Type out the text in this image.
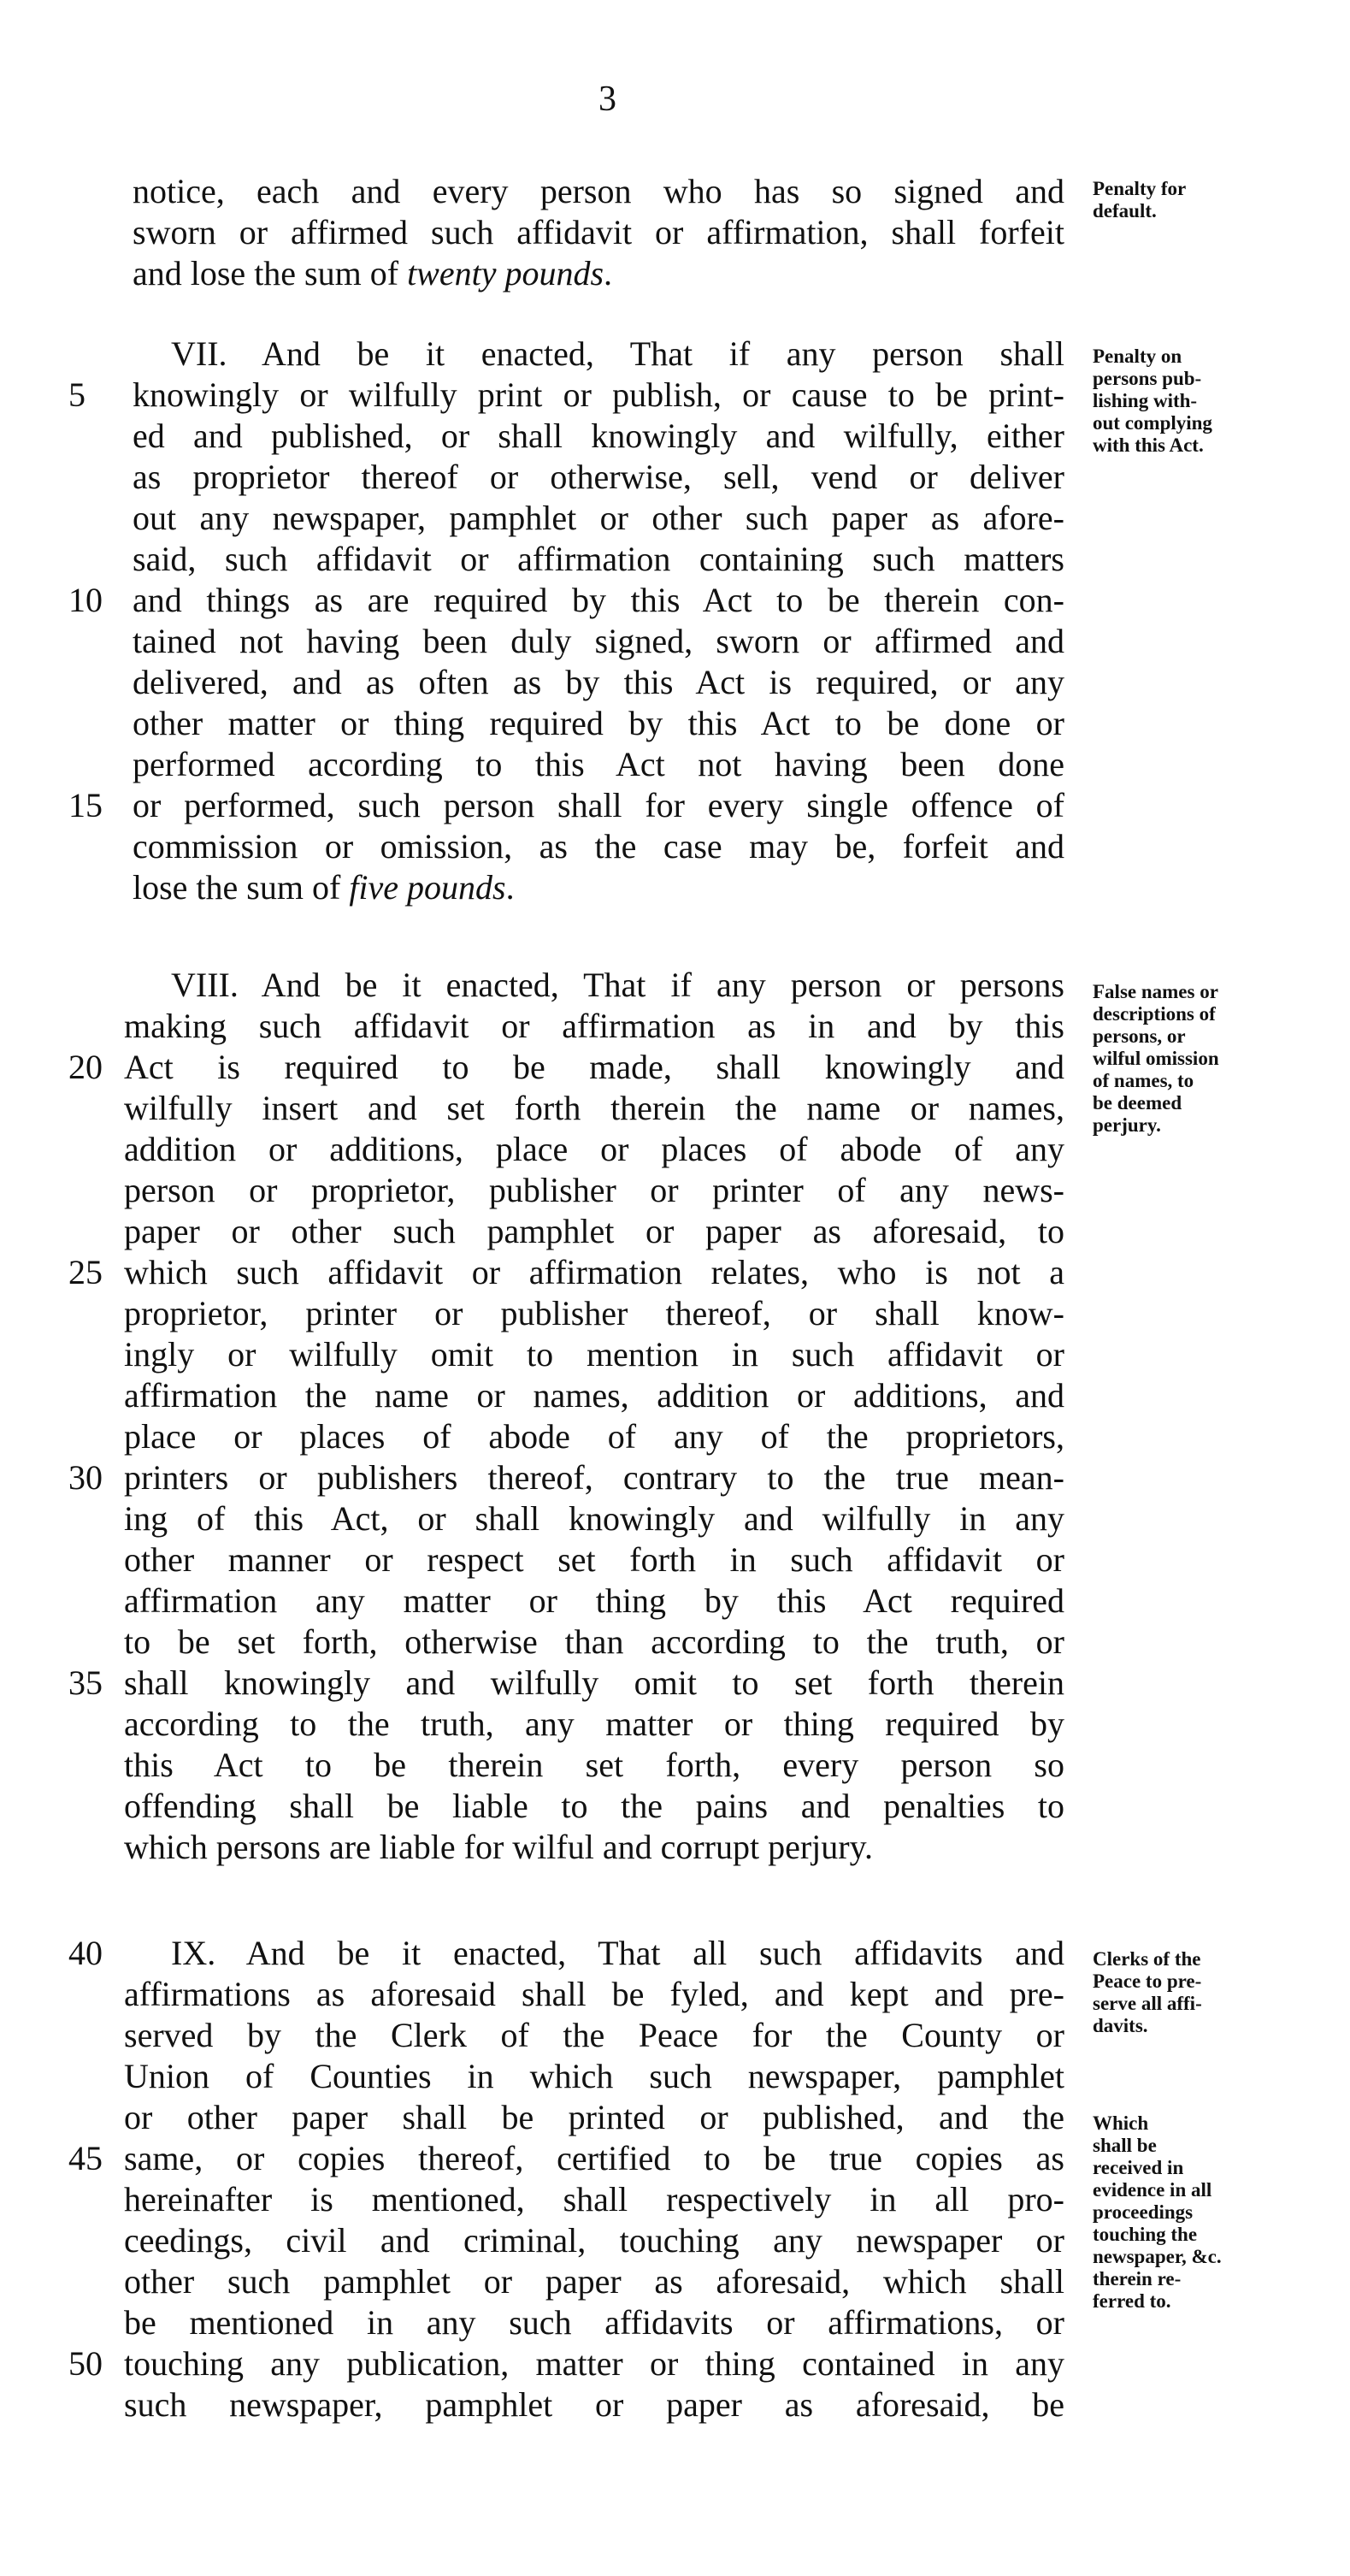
3
notice, each and every person who has so signed and
sworn or affirmed such affidavit or affirmation, shall forfeit
and lose the sum of twenty pounds.
VII. And be it enacted, That if any person shall
5	knowingly or wilfully print or publish, or cause to be print-
ed and published, or shall knowingly and wilfully, either
as proprietor thereof or otherwise, sell, vend or deliver
out any newspaper, pamphlet or other such paper as afore-
said, such affidavit or affirmation containing such matters
10 and things as are required by this Act to be therein con-
tained not having been duly signed, sworn or affirmed and
delivered, and as often as by this Act is required, or any
other matter or thing required by this Act to be done or
performed according to this Act not having been done
15 or performed, such person shall for every single offence of
commission or omission, as the case may be, forfeit and
lose the sum of five pounds.
VIII. And be it enacted, That if any person or persons
making such affidavit or affirmation as in and by this
20 Act is required to be made, shall knowingly and
wilfully insert and set forth therein the name or names,
addition or additions, place or places of abode of any
person or proprietor, publisher or printer of any news-
paper or other such pamphlet or paper as aforesaid, to
25 which such affidavit or affirmation relates, who is not a
proprietor, printer or publisher thereof, or shall know-
ingly or wilfully omit to mention in such affidavit or
affirmation the name or names, addition or additions, and
place or places of abode of any of the proprietors,
30 printers or publishers thereof, contrary to the true mean-
ing of this Act, or shall knowingly and wilfully in any
other manner or respect set forth in such affidavit or
affirmation any matter or thing by this Act required
to be set forth, otherwise than according to the truth, or
35 shall knowingly and wilfully omit to set forth therein
according to the truth, any matter or thing required by
this Act to be therein set forth, every person so
offending shall be liable to the pains and penalties to
which persons are liable for wilful and corrupt perjury.
40	IX. And be it enacted, That all such affidavits and
affirmations as aforesaid shall be fyled, and kept and pre-
served by the Clerk of the Peace for the County or
Union of Counties in which such newspaper, pamphlet
or other paper shall be printed or published, and the
45 same, or copies thereof, certified to be true copies as
hereinafter is mentioned, shall respectively in all pro-
ceedings, civil and criminal, touching any newspaper or
other such pamphlet or paper as aforesaid, which shall
be mentioned in any such affidavits or affirmations, or
50 touching any publication, matter or thing contained in any
such newspaper, pamphlet or paper as aforesaid, be
Penalty for
default.
Penalty on
persons pub-
lishing with-
out complying
with this Act.
False names or
descriptions of
persons, or
wilful omission
of names, to
be deemed
perjury.
Clerks of the
Peace to pre-
serve all affi-
davits.
Which
shall be
received in
evidence in all
proceedings
touching the
newspaper, &c.
therein re-
ferred to.
